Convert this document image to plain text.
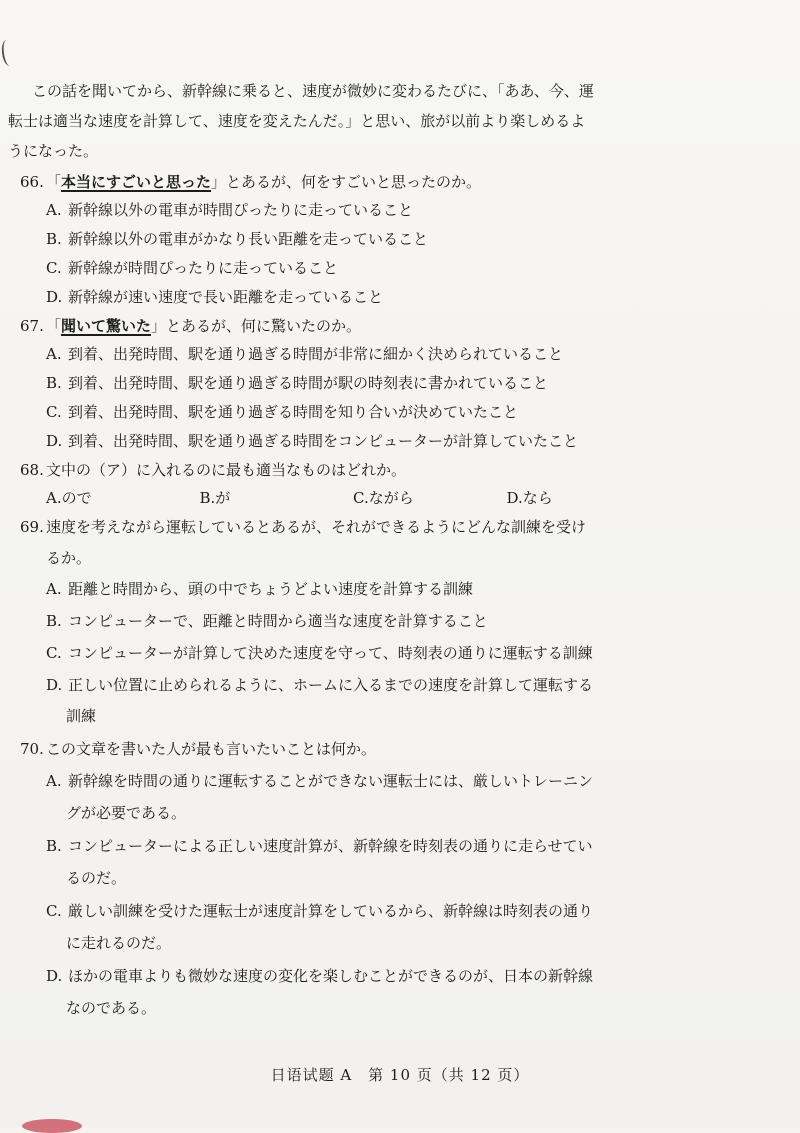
この話を聞いてから、新幹線に乗ると、速度が微妙に変わるたびに、「ああ、今、運
転士は適当な速度を計算して、速度を変えたんだ。」と思い、旅が以前より楽しめるよ
うになった。

66. 「本当にすごいと思った」とあるが、何をすごいと思ったのか。

A. 新幹線以外の電車が時間ぴったりに走っていること

B. 新幹線以外の電車がかなり長い距離を走っていること

C. 新幹線が時間ぴったりに走っていること

D. 新幹線が速い速度で長い距離を走っていること

67. 「聞いて驚いた」とあるが、何に驚いたのか。

A. 到着、出発時間、駅を通り過ぎる時間が非常に細かく決められていること

B. 到着、出発時間、駅を通り過ぎる時間が駅の時刻表に書かれていること

C. 到着、出発時間、駅を通り過ぎる時間を知り合いが決めていたこと

D. 到着、出発時間、駅を通り過ぎる時間をコンピューターが計算していたこと

68. 文中の（ア）に入れるのに最も適当なものはどれか。

A.ので	B.が	C.ながら	D.なら

69. 速度を考えながら運転しているとあるが、それができるようにどんな訓練を受け
るか。

A. 距離と時間から、頭の中でちょうどよい速度を計算する訓練

B. コンピューターで、距離と時間から適当な速度を計算すること

C. コンピューターが計算して決めた速度を守って、時刻表の通りに運転する訓練

D. 正しい位置に止められるように、ホームに入るまでの速度を計算して運転する
訓練

70. この文章を書いた人が最も言いたいことは何か。

A. 新幹線を時間の通りに運転することができない運転士には、厳しいトレーニン
グが必要である。

B. コンピューターによる正しい速度計算が、新幹線を時刻表の通りに走らせてい
るのだ。

C. 厳しい訓練を受けた運転士が速度計算をしているから、新幹線は時刻表の通り
に走れるのだ。

D. ほかの電車よりも微妙な速度の変化を楽しむことができるのが、日本の新幹線
なのである。

日语试题 A　第 10 页（共 12 页）
